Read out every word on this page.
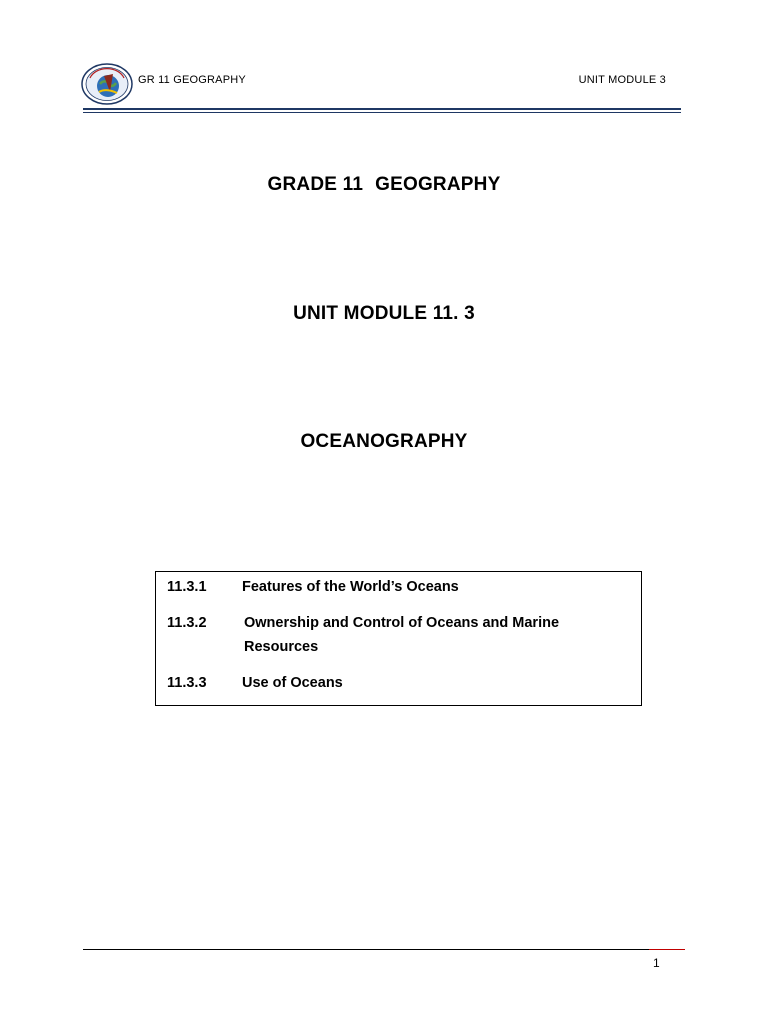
GR 11 GEOGRAPHY	UNIT MODULE 3
GRADE 11 GEOGRAPHY
UNIT MODULE 11. 3
OCEANOGRAPHY
11.3.1 Features of the World’s Oceans
11.3.2	Ownership and Control of Oceans and Marine
Resources
11.3.3 Use of Oceans
1
